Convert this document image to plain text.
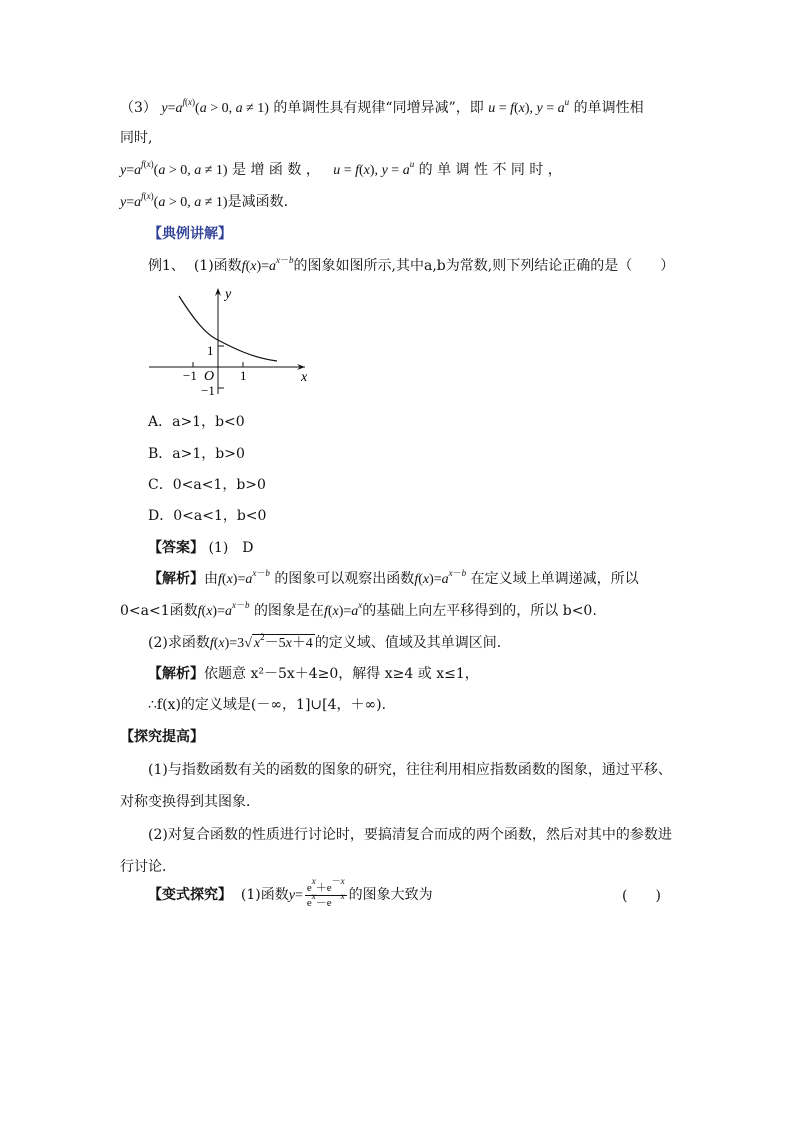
（3） $y=a^{f(x)}(a > 0$, a ≠ 1) 的单调性具有规律“同增异减”，即 u = f(x), $y = a^u$ 的单调性相
同时,
$y=a^{f(x)}(a > 0$, a ≠ 1) 是 增 函 数 ， u = f(x), $y = a^u$ 的 单 调 性 不 同 时 ，
$y=a^{f(x)}(a > 0$, a ≠ 1)是减函数.
【典例讲解】
例1、 (1)函数$f(x)=a^{x-b}$的图象如图所示,其中a,b为常数,则下列结论正确的是（　　）
y
x
O
1
−1	1
−1
A．a>1，b<0
B．a>1，b>0
C．0<a<1，b>0
D．0<a<1，b<0
【答案】 (1)　D
【解析】由$f(x)=a^{x-b}$ 的图象可以观察出函数$f(x)=a^{x-b}$ 在定义域上单调递减，所以
0<a<1函数$f(x)=a^{x-b}$ 的图象是在$f(x)=a^x$的基础上向左平移得到的，所以 b<0.
(2)求函数f(x)=3√ $x^2-5x+4$ 的定义域、值域及其单调区间．
【解析】依题意 x²－5x＋4≥0，解得 x≥4 或 x≤1，
∴f(x)的定义域是(－∞，1]∪[4，＋∞)．
【探究提高】
(1)与指数函数有关的函数的图象的研究，往往利用相应指数函数的图象，通过平移、
对称变换得到其图象．
(2)对复合函数的性质进行讨论时，要搞清复合而成的两个函数，然后对其中的参数进
行讨论．
【变式探究】 (1)函数$y= \frac{e^x+e^{-x}}{e^x-e^{-x}}$ 的图象大致为	(　　)
